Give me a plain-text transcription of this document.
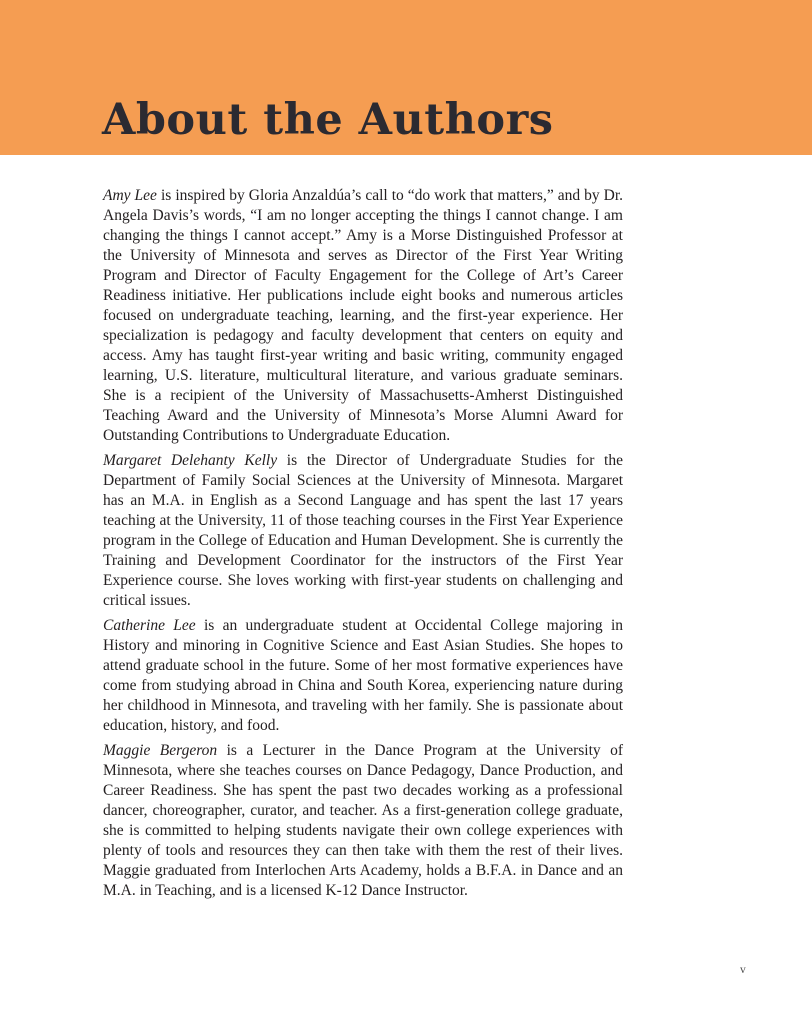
About the Authors

Amy Lee is inspired by Gloria Anzaldúa’s call to “do work that matters,” and by Dr. Angela Davis’s words, “I am no longer accepting the things I cannot change. I am changing the things I cannot accept.” Amy is a Morse Distinguished Professor at the University of Minnesota and serves as Director of the First Year Writing Program and Director of Faculty Engagement for the College of Art’s Career Readiness initiative. Her publications include eight books and numerous articles focused on undergraduate teaching, learning, and the first-year experience. Her specialization is pedagogy and faculty development that centers on equity and access. Amy has taught first-year writing and basic writing, community engaged learning, U.S. literature, multicultural literature, and various graduate seminars. She is a recipient of the University of Massachusetts-Amherst Distinguished Teaching Award and the University of Minnesota’s Morse Alumni Award for Outstanding Contributions to Undergraduate Education.

Margaret Delehanty Kelly is the Director of Undergraduate Studies for the Department of Family Social Sciences at the University of Minnesota. Margaret has an M.A. in English as a Second Language and has spent the last 17 years teaching at the University, 11 of those teaching courses in the First Year Experience program in the College of Education and Human Development. She is currently the Training and Development Coordinator for the instructors of the First Year Experience course. She loves working with first-year students on challenging and critical issues.

Catherine Lee is an undergraduate student at Occidental College majoring in History and minoring in Cognitive Science and East Asian Studies. She hopes to attend graduate school in the future. Some of her most formative experiences have come from studying abroad in China and South Korea, experiencing nature during her childhood in Minnesota, and traveling with her family. She is passionate about education, history, and food.

Maggie Bergeron is a Lecturer in the Dance Program at the University of Minnesota, where she teaches courses on Dance Pedagogy, Dance Production, and Career Readiness. She has spent the past two decades working as a professional dancer, choreographer, curator, and teacher. As a first-generation college graduate, she is committed to helping students navigate their own college experiences with plenty of tools and resources they can then take with them the rest of their lives. Maggie graduated from Interlochen Arts Academy, holds a B.F.A. in Dance and an M.A. in Teaching, and is a licensed K-12 Dance Instructor.

v
